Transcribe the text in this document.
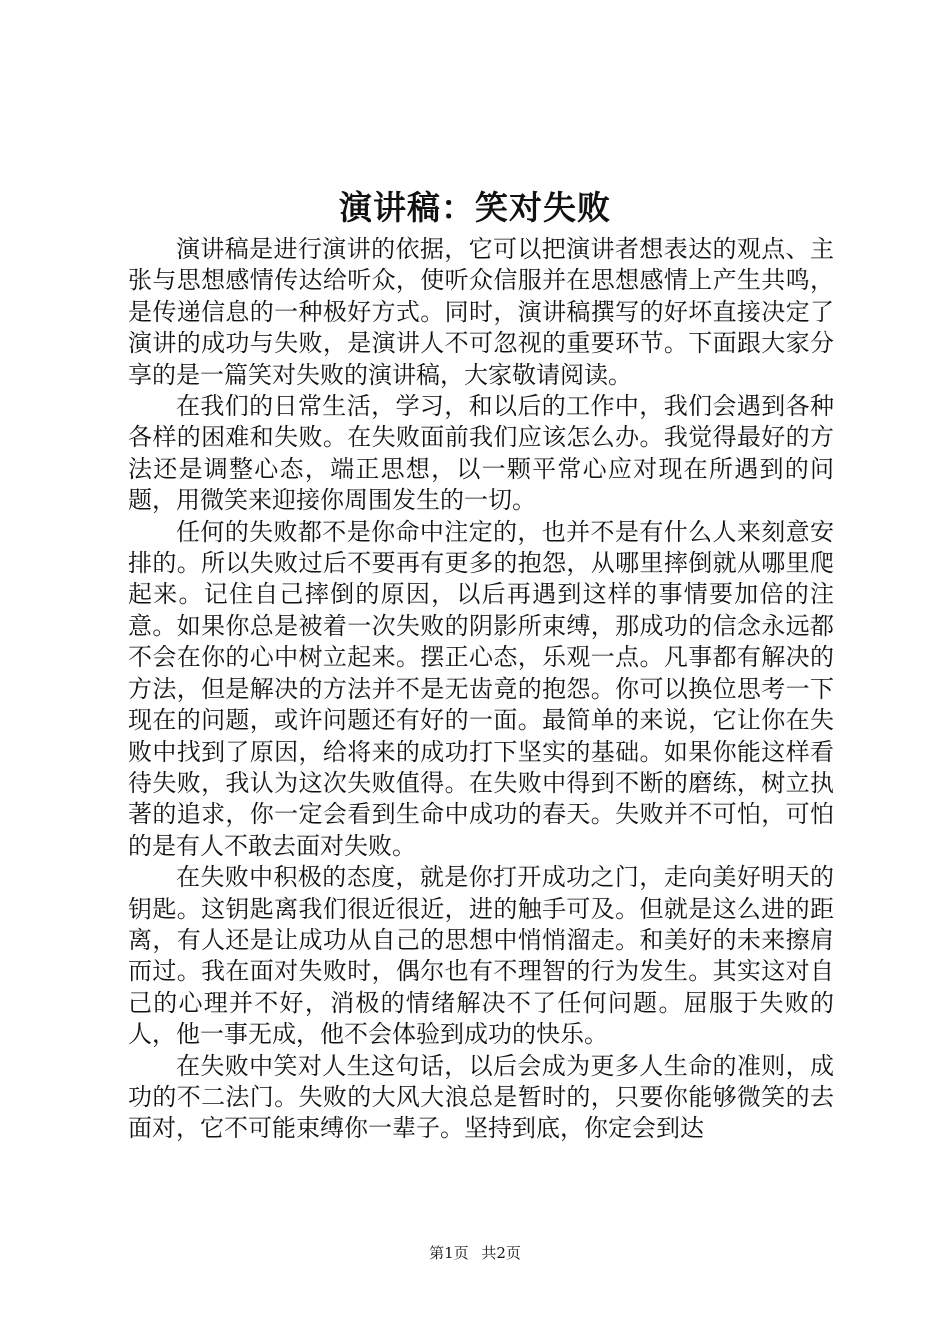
演讲稿：笑对失败

演讲稿是进行演讲的依据，它可以把演讲者想表达的观点、主张与思想感情传达给听众，使听众信服并在思想感情上产生共鸣，是传递信息的一种极好方式。同时，演讲稿撰写的好坏直接决定了演讲的成功与失败，是演讲人不可忽视的重要环节。下面跟大家分享的是一篇笑对失败的演讲稿，大家敬请阅读。

在我们的日常生活，学习，和以后的工作中，我们会遇到各种各样的困难和失败。在失败面前我们应该怎么办。我觉得最好的方法还是调整心态，端正思想，以一颗平常心应对现在所遇到的问题，用微笑来迎接你周围发生的一切。

任何的失败都不是你命中注定的，也并不是有什么人来刻意安排的。所以失败过后不要再有更多的抱怨，从哪里摔倒就从哪里爬起来。记住自己摔倒的原因，以后再遇到这样的事情要加倍的注意。如果你总是被着一次失败的阴影所束缚，那成功的信念永远都不会在你的心中树立起来。摆正心态，乐观一点。凡事都有解决的方法，但是解决的方法并不是无齿竟的抱怨。你可以换位思考一下现在的问题，或许问题还有好的一面。最简单的来说，它让你在失败中找到了原因，给将来的成功打下坚实的基础。如果你能这样看待失败，我认为这次失败值得。在失败中得到不断的磨练，树立执著的追求，你一定会看到生命中成功的春天。失败并不可怕，可怕的是有人不敢去面对失败。

在失败中积极的态度，就是你打开成功之门，走向美好明天的钥匙。这钥匙离我们很近很近，进的触手可及。但就是这么进的距离，有人还是让成功从自己的思想中悄悄溜走。和美好的未来擦肩而过。我在面对失败时，偶尔也有不理智的行为发生。其实这对自己的心理并不好，消极的情绪解决不了任何问题。屈服于失败的人，他一事无成，他不会体验到成功的快乐。

在失败中笑对人生这句话，以后会成为更多人生命的准则，成功的不二法门。失败的大风大浪总是暂时的，只要你能够微笑的去面对，它不可能束缚你一辈子。坚持到底，你定会到达

第1页 共2页
